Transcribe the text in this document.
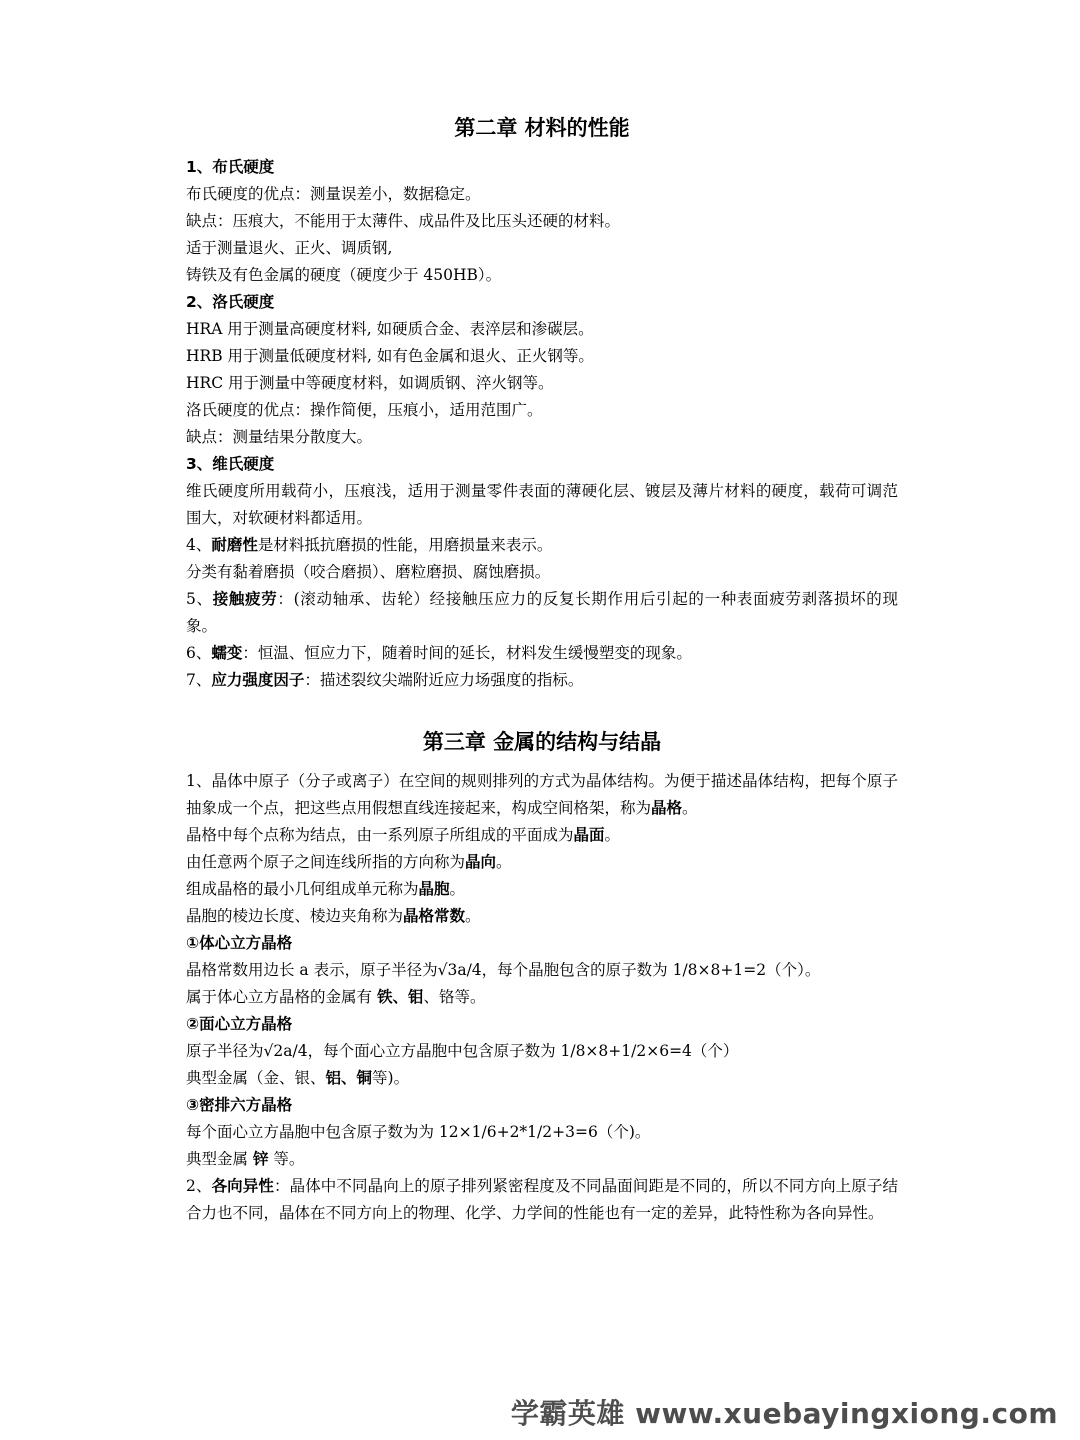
第二章 材料的性能
1、布氏硬度
布氏硬度的优点：测量误差小，数据稳定。
缺点：压痕大，不能用于太薄件、成品件及比压头还硬的材料。
适于测量退火、正火、调质钢,
铸铁及有色金属的硬度（硬度少于 450HB）。
2、洛氏硬度
HRA 用于测量高硬度材料, 如硬质合金、表淬层和渗碳层。
HRB 用于测量低硬度材料, 如有色金属和退火、正火钢等。
HRC 用于测量中等硬度材料，如调质钢、淬火钢等。
洛氏硬度的优点：操作简便，压痕小，适用范围广。
缺点：测量结果分散度大。
3、维氏硬度
维氏硬度所用载荷小，压痕浅，适用于测量零件表面的薄硬化层、镀层及薄片材料的硬度，载荷可调范围大，对软硬材料都适用。
4、耐磨性是材料抵抗磨损的性能，用磨损量来表示。
分类有黏着磨损（咬合磨损）、磨粒磨损、腐蚀磨损。
5、接触疲劳：(滚动轴承、齿轮）经接触压应力的反复长期作用后引起的一种表面疲劳剥落损坏的现象。
6、蠕变：恒温、恒应力下，随着时间的延长，材料发生缓慢塑变的现象。
7、应力强度因子：描述裂纹尖端附近应力场强度的指标。
第三章 金属的结构与结晶
1、晶体中原子（分子或离子）在空间的规则排列的方式为晶体结构。为便于描述晶体结构，把每个原子抽象成一个点，把这些点用假想直线连接起来，构成空间格架，称为晶格。
晶格中每个点称为结点，由一系列原子所组成的平面成为晶面。
由任意两个原子之间连线所指的方向称为晶向。
组成晶格的最小几何组成单元称为晶胞。
晶胞的棱边长度、棱边夹角称为晶格常数。
①体心立方晶格
晶格常数用边长 a 表示，原子半径为√3a/4，每个晶胞包含的原子数为 1/8×8+1=2（个）。
属于体心立方晶格的金属有 铁、钼、铬等。
②面心立方晶格
原子半径为√2a/4，每个面心立方晶胞中包含原子数为 1/8×8+1/2×6=4（个）
典型金属（金、银、铝、铜等)。
③密排六方晶格
每个面心立方晶胞中包含原子数为为 12×1/6+2*1/2+3=6（个)。
典型金属 锌 等。
2、各向异性：晶体中不同晶向上的原子排列紧密程度及不同晶面间距是不同的，所以不同方向上原子结合力也不同，晶体在不同方向上的物理、化学、力学间的性能也有一定的差异，此特性称为各向异性。
学霸英雄 www.xuebayingxiong.com
